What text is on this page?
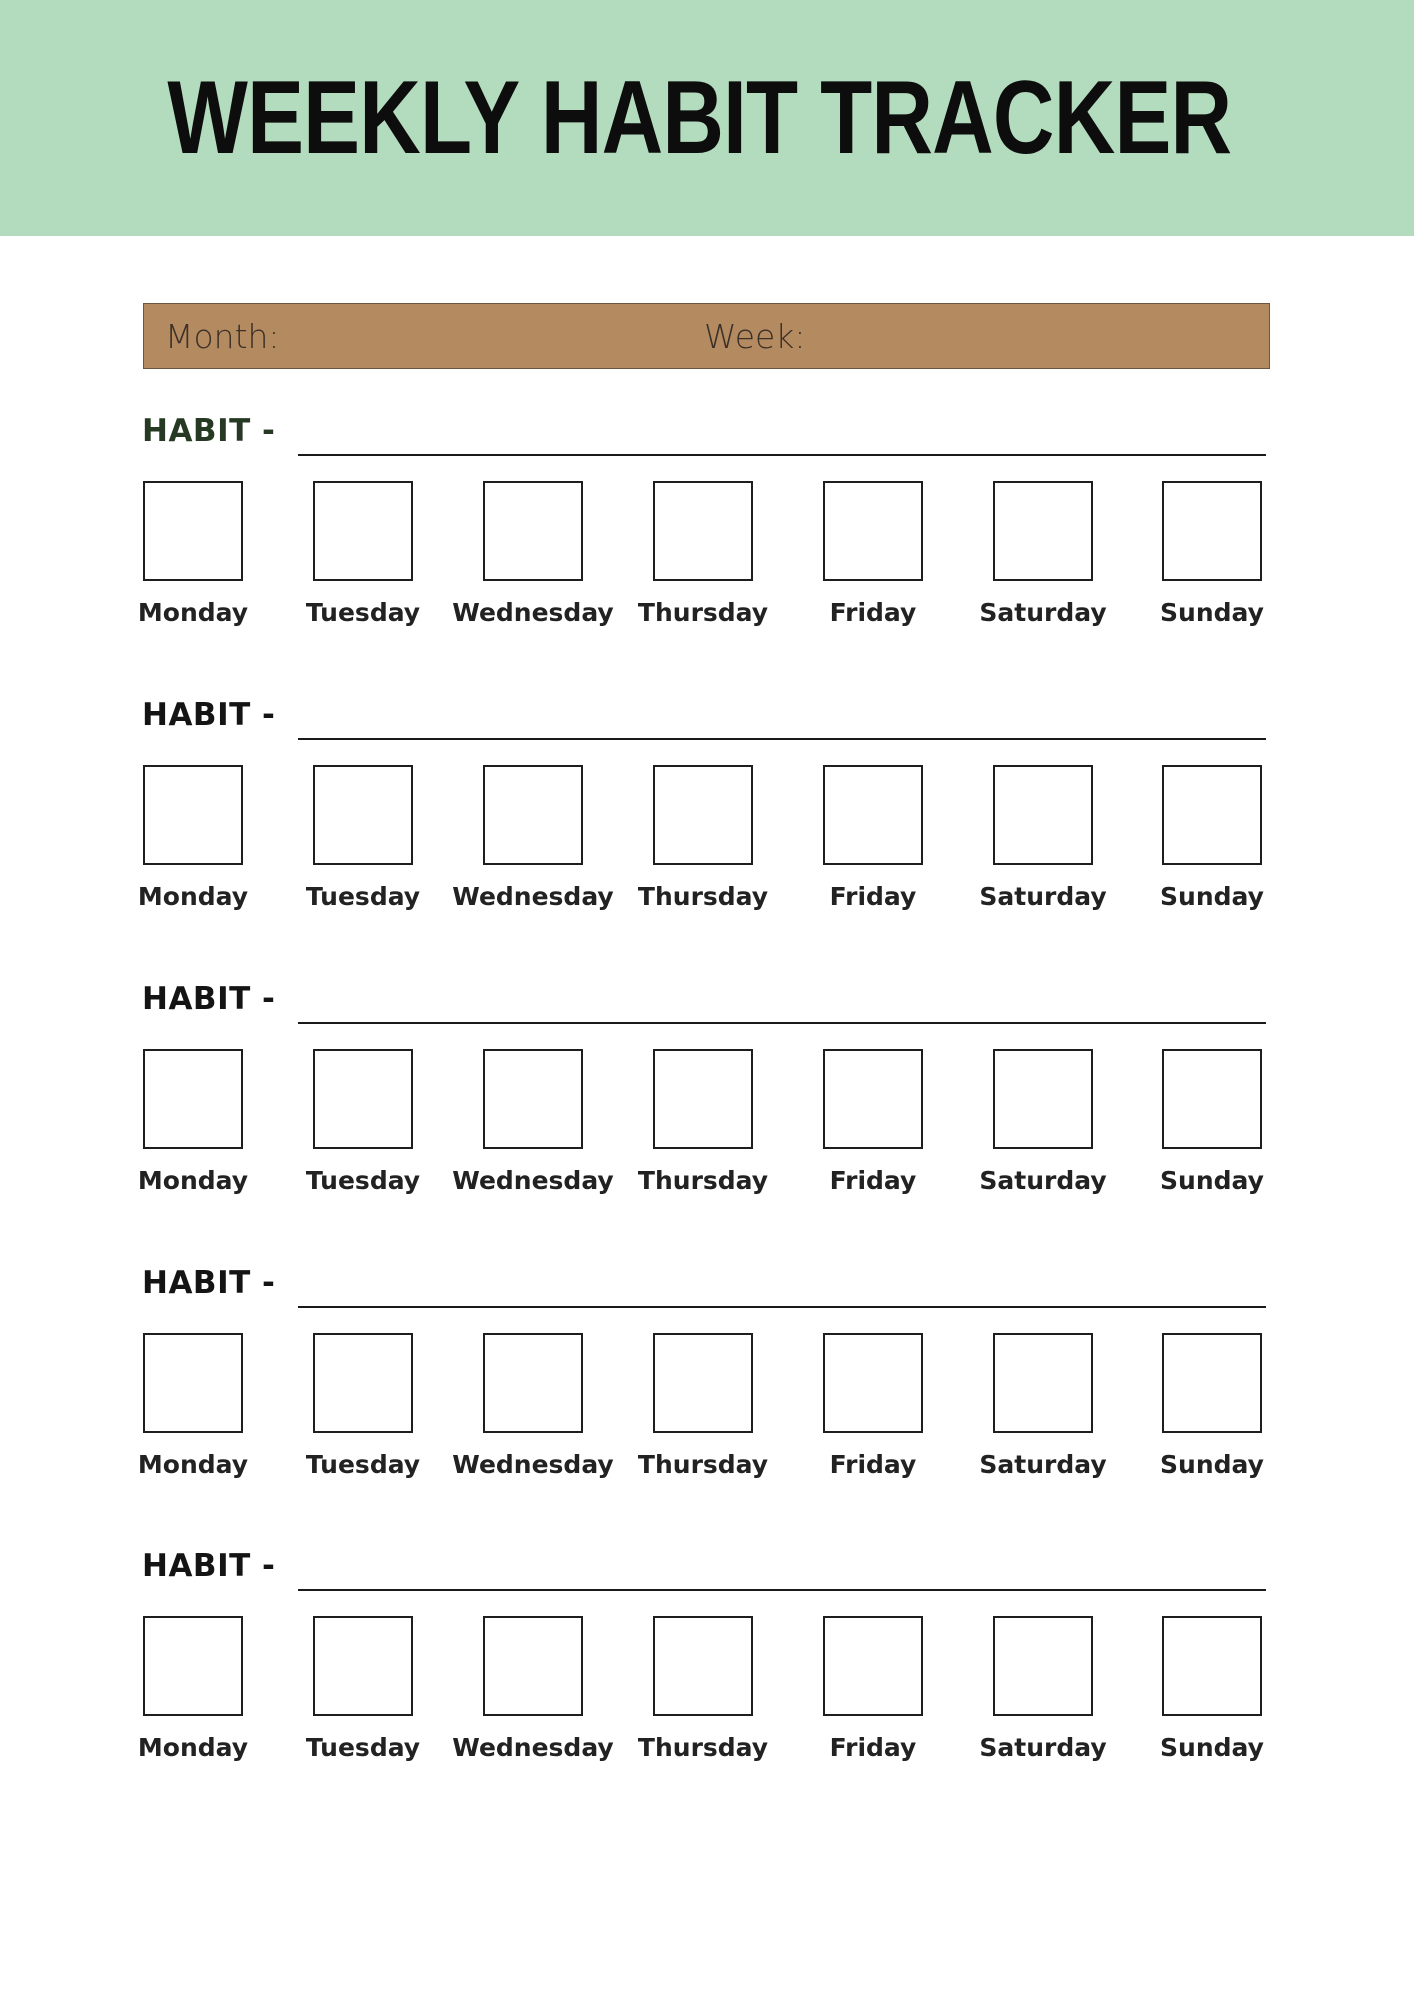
WEEKLY HABIT TRACKER
Month:	Week:
HABIT -
Monday	Tuesday	Wednesday Thursday	Friday	Saturday	Sunday
HABIT -
Monday	Tuesday	Wednesday Thursday	Friday	Saturday	Sunday
HABIT -
Monday	Tuesday	Wednesday Thursday	Friday	Saturday	Sunday
HABIT -
Monday	Tuesday	Wednesday Thursday	Friday	Saturday	Sunday
HABIT -
Monday	Tuesday	Wednesday Thursday	Friday	Saturday	Sunday
